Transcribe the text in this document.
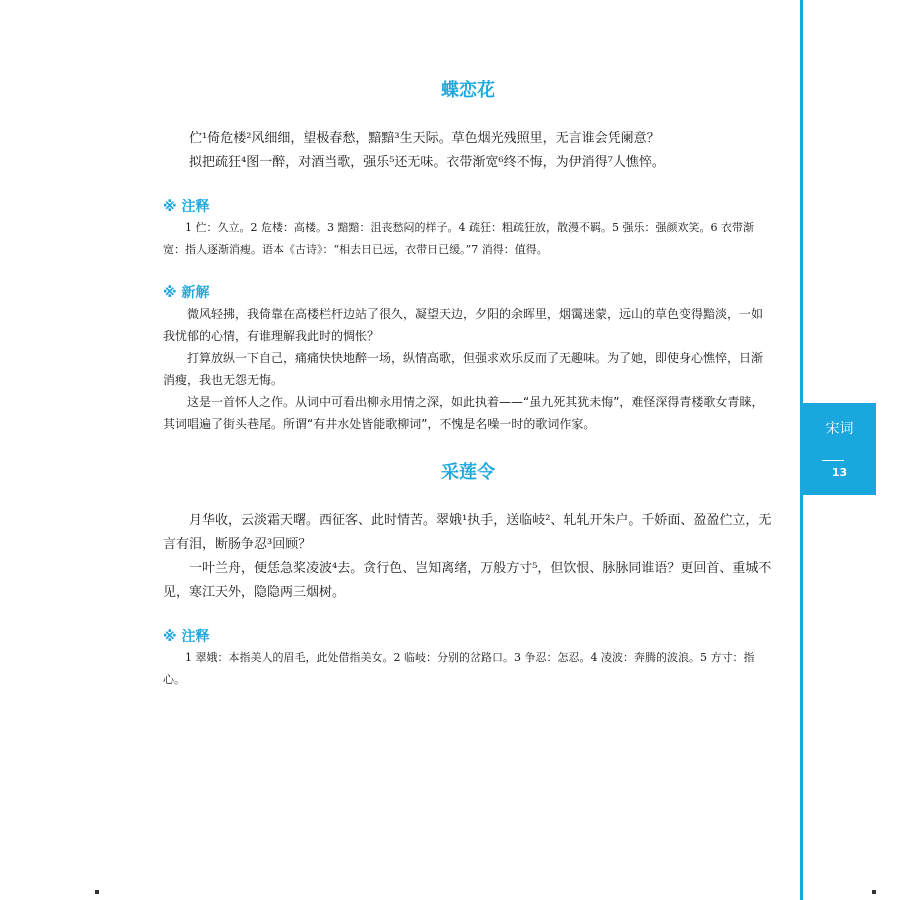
宋词
13
蝶恋花

伫¹倚危楼²风细细，望极春愁，黯黯³生天际。草色烟光残照里，无言谁会凭阑意？

拟把疏狂⁴图一醉，对酒当歌，强乐⁵还无味。衣带渐宽⁶终不悔，为伊消得⁷人憔悴。

※ 注释

1 伫：久立。2 危楼：高楼。3 黯黯：沮丧愁闷的样子。4 疏狂：粗疏狂放，散漫不羁。5 强乐：强颜欢笑。6 衣带渐宽：指人逐渐消瘦。语本《古诗》：“相去日已远，衣带日已缓。”7 消得：值得。

※ 新解

微风轻拂，我倚靠在高楼栏杆边站了很久，凝望天边，夕阳的余晖里，烟霭迷蒙，远山的草色变得黯淡，一如我忧郁的心情，有谁理解我此时的惆怅？

打算放纵一下自己，痛痛快快地醉一场，纵情高歌，但强求欢乐反而了无趣味。为了她，即使身心憔悴，日渐消瘦，我也无怨无悔。

这是一首怀人之作。从词中可看出柳永用情之深，如此执着——“虽九死其犹未悔”，难怪深得青楼歌女青睐，其词唱遍了街头巷尾。所谓“有井水处皆能歌柳词”，不愧是名噪一时的歌词作家。

采莲令

月华收，云淡霜天曙。西征客、此时情苦。翠娥¹执手，送临岐²、轧轧开朱户。千娇面、盈盈伫立，无言有泪，断肠争忍³回顾？

一叶兰舟，便恁急桨凌波⁴去。贪行色、岂知离绪，万般方寸⁵，但饮恨、脉脉同谁语？更回首、重城不见，寒江天外，隐隐两三烟树。

※ 注释

1 翠娥：本指美人的眉毛，此处借指美女。2 临岐：分别的岔路口。3 争忍：怎忍。4 凌波：奔腾的波浪。5 方寸：指心。
